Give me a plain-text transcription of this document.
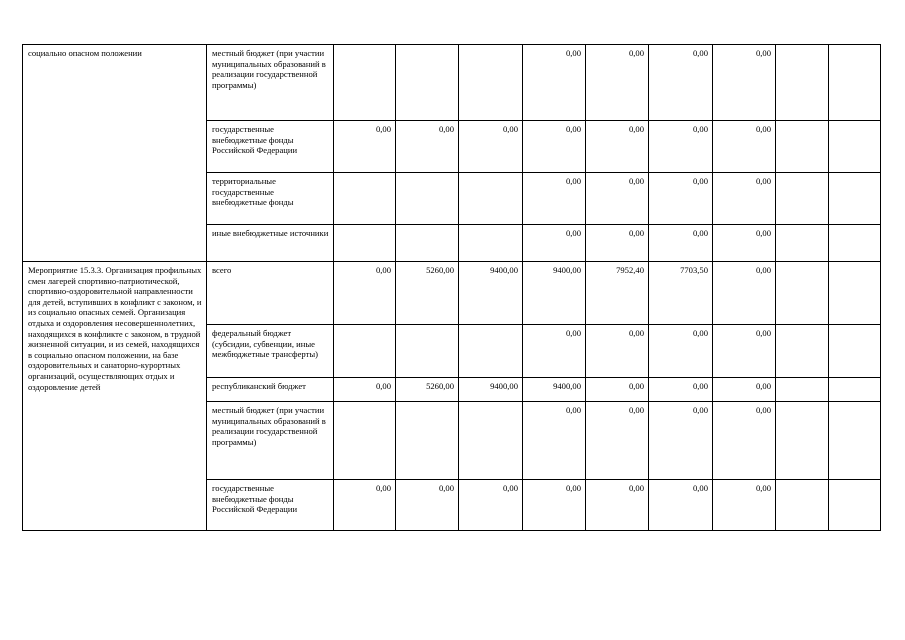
социально опасном положении	местный бюджет (при участии муниципальных образований в реализации государственной программы)				0,00	0,00	0,00	0,00		
	государственные внебюджетные фонды Российской Федерации	0,00	0,00	0,00	0,00	0,00	0,00	0,00		
	территориальные государственные внебюджетные фонды				0,00	0,00	0,00	0,00		
	иные внебюджетные источники				0,00	0,00	0,00	0,00		
Мероприятие 15.3.3. Организация профильных смен лагерей спортивно-патриотической, спортивно-оздоровительной направленности для детей, вступивших в конфликт с законом, и из социально опасных семей. Организация отдыха и оздоровления несовершеннолетних, находящихся в конфликте с законом, в трудной жизненной ситуации, и из семей, находящихся в социально опасном положении, на базе оздоровительных и санаторно-курортных организаций, осуществляющих отдых и оздоровление детей	всего	0,00	5260,00	9400,00	9400,00	7952,40	7703,50	0,00		
	федеральный бюджет (субсидии, субвенции, иные межбюджетные трансферты)				0,00	0,00	0,00	0,00		
	республиканский бюджет	0,00	5260,00	9400,00	9400,00	0,00	0,00	0,00		
	местный бюджет (при участии муниципальных образований в реализации государственной программы)				0,00	0,00	0,00	0,00		
	государственные внебюджетные фонды Российской Федерации	0,00	0,00	0,00	0,00	0,00	0,00	0,00		
